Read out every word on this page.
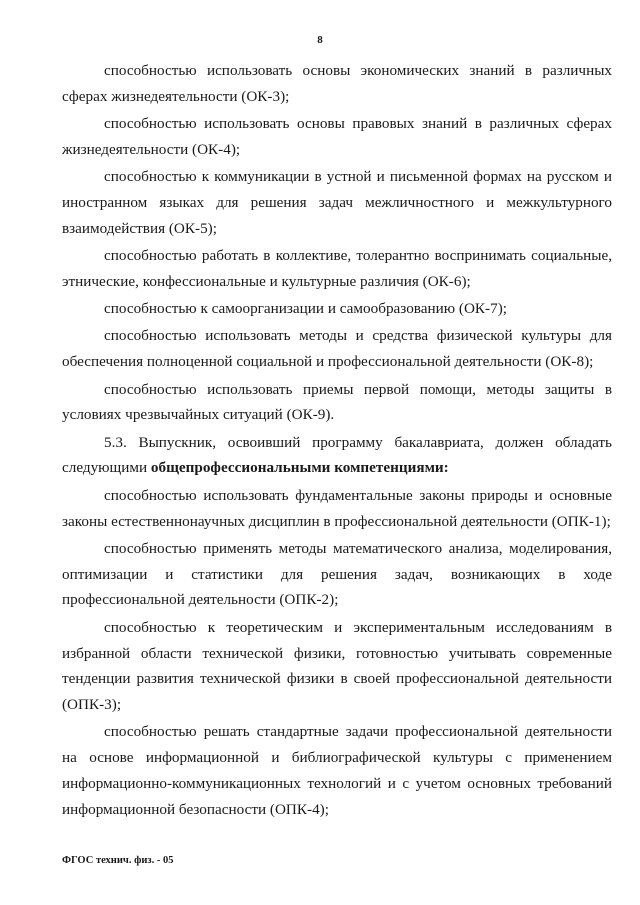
8

способностью использовать основы экономических знаний в различных сферах жизнедеятельности (ОК-3);

способностью использовать основы правовых знаний в различных сферах жизнедеятельности (ОК-4);

способностью к коммуникации в устной и письменной формах на русском и иностранном языках для решения задач межличностного и межкультурного взаимодействия (ОК-5);

способностью работать в коллективе, толерантно воспринимать социальные, этнические, конфессиональные и культурные различия (ОК-6);

способностью к самоорганизации и самообразованию (ОК-7);

способностью использовать методы и средства физической культуры для обеспечения полноценной социальной и профессиональной деятельности (ОК-8);

способностью использовать приемы первой помощи, методы защиты в условиях чрезвычайных ситуаций (ОК-9).

5.3. Выпускник, освоивший программу бакалавриата, должен обладать следующими общепрофессиональными компетенциями:

способностью использовать фундаментальные законы природы и основные законы естественнонаучных дисциплин в профессиональной деятельности (ОПК-1);

способностью применять методы математического анализа, моделирования, оптимизации и статистики для решения задач, возникающих в ходе профессиональной деятельности (ОПК-2);

способностью к теоретическим и экспериментальным исследованиям в избранной области технической физики, готовностью учитывать современные тенденции развития технической физики в своей профессиональной деятельности (ОПК-3);

способностью решать стандартные задачи профессиональной деятельности на основе информационной и библиографической культуры с применением информационно-коммуникационных технологий и с учетом основных требований информационной безопасности (ОПК-4);

ФГОС технич. физ. - 05
